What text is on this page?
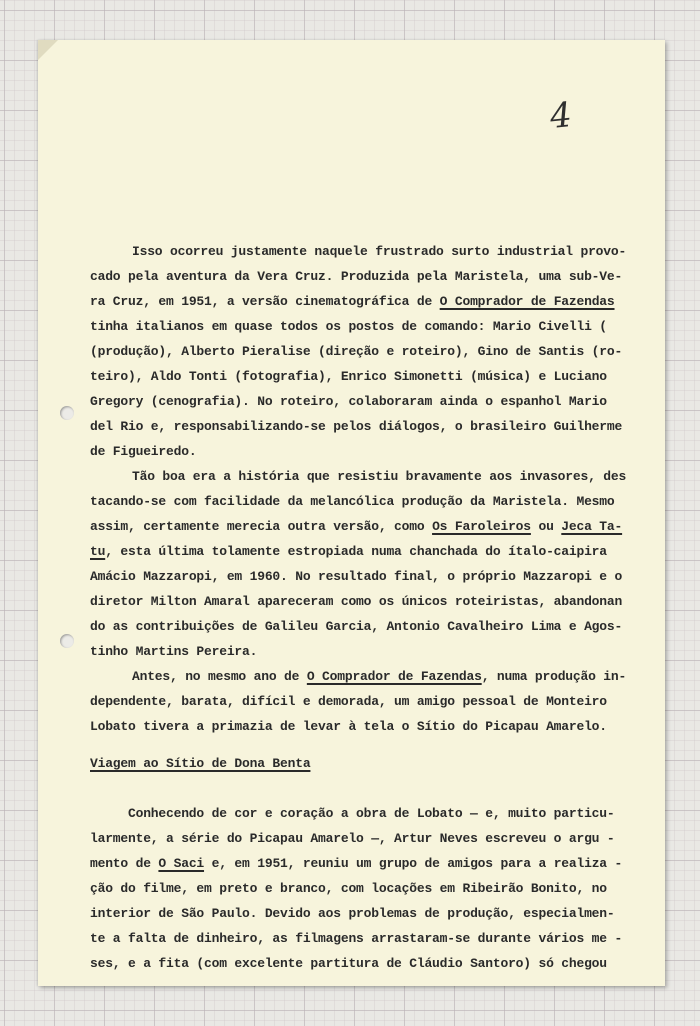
4
Isso ocorreu justamente naquele frustrado surto industrial provo-
cado pela aventura da Vera Cruz. Produzida pela Maristela, uma sub-Ve-
ra Cruz, em 1951, a versão cinematográfica de O Comprador de Fazendas
tinha italianos em quase todos os postos de comando: Mario Civelli (
(produção), Alberto Pieralise (direção e roteiro), Gino de Santis (ro-
teiro), Aldo Tonti (fotografia), Enrico Simonetti (música) e Luciano
Gregory (cenografia). No roteiro, colaboraram ainda o espanhol Mario
del Rio e, responsabilizando-se pelos diálogos, o brasileiro Guilherme
de Figueiredo.
Tão boa era a história que resistiu bravamente aos invasores, des
tacando-se com facilidade da melancólica produção da Maristela. Mesmo
assim, certamente merecia outra versão, como Os Faroleiros ou Jeca Ta-
tu, esta última tolamente estropiada numa chanchada do ítalo-caipira
Amácio Mazzaropi, em 1960. No resultado final, o próprio Mazzaropi e o
diretor Milton Amaral apareceram como os únicos roteiristas, abandonan
do as contribuições de Galileu Garcia, Antonio Cavalheiro Lima e Agos-
tinho Martins Pereira.
Antes, no mesmo ano de O Comprador de Fazendas, numa produção in-
dependente, barata, difícil e demorada, um amigo pessoal de Monteiro
Lobato tivera a primazia de levar à tela o Sítio do Picapau Amarelo.
Viagem ao Sítio de Dona Benta
Conhecendo de cor e coração a obra de Lobato — e, muito particu-
larmente, a série do Picapau Amarelo —, Artur Neves escreveu o argu -
mento de O Saci e, em 1951, reuniu um grupo de amigos para a realiza -
ção do filme, em preto e branco, com locações em Ribeirão Bonito, no
interior de São Paulo. Devido aos problemas de produção, especialmen-
te a falta de dinheiro, as filmagens arrastaram-se durante vários me -
ses, e a fita (com excelente partitura de Cláudio Santoro) só chegou
